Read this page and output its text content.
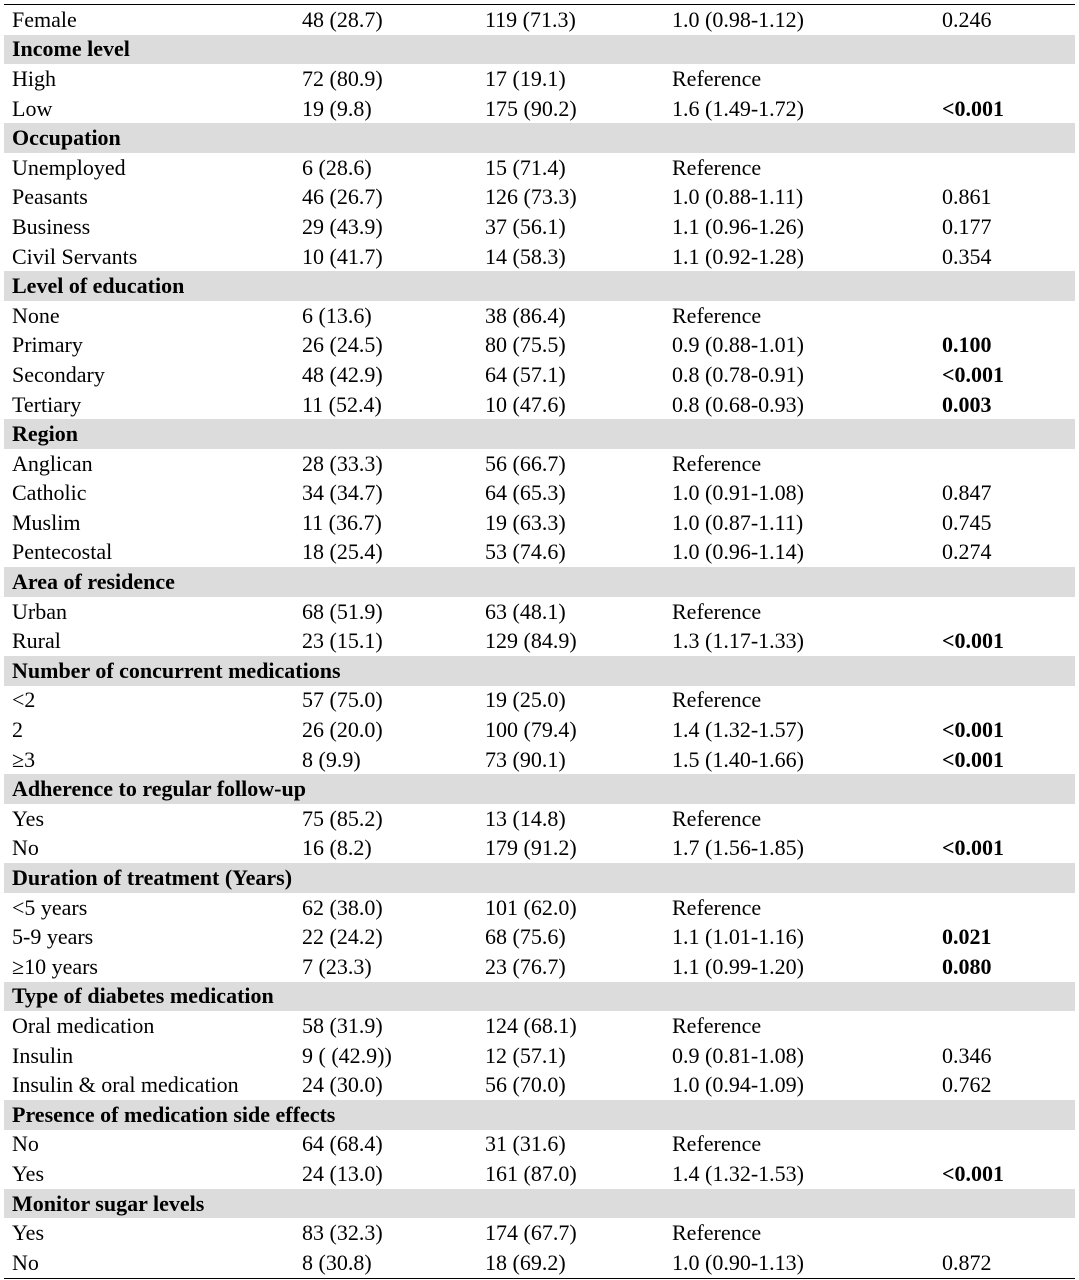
Female	48 (28.7)	119 (71.3)	1.0 (0.98-1.12)	0.246
Income level
High	72 (80.9)	17 (19.1)	Reference
Low	19 (9.8)	175 (90.2)	1.6 (1.49-1.72)	<0.001
Occupation
Unemployed	6 (28.6)	15 (71.4)	Reference
Peasants	46 (26.7)	126 (73.3)	1.0 (0.88-1.11)	0.861
Business	29 (43.9)	37 (56.1)	1.1 (0.96-1.26)	0.177
Civil Servants	10 (41.7)	14 (58.3)	1.1 (0.92-1.28)	0.354
Level of education
None	6 (13.6)	38 (86.4)	Reference
Primary	26 (24.5)	80 (75.5)	0.9 (0.88-1.01)	0.100
Secondary	48 (42.9)	64 (57.1)	0.8 (0.78-0.91)	<0.001
Tertiary	11 (52.4)	10 (47.6)	0.8 (0.68-0.93)	0.003
Region
Anglican	28 (33.3)	56 (66.7)	Reference
Catholic	34 (34.7)	64 (65.3)	1.0 (0.91-1.08)	0.847
Muslim	11 (36.7)	19 (63.3)	1.0 (0.87-1.11)	0.745
Pentecostal	18 (25.4)	53 (74.6)	1.0 (0.96-1.14)	0.274
Area of residence
Urban	68 (51.9)	63 (48.1)	Reference
Rural	23 (15.1)	129 (84.9)	1.3 (1.17-1.33)	<0.001
Number of concurrent medications
<2	57 (75.0)	19 (25.0)	Reference
2	26 (20.0)	100 (79.4)	1.4 (1.32-1.57)	<0.001
≥3	8 (9.9)	73 (90.1)	1.5 (1.40-1.66)	<0.001
Adherence to regular follow-up
Yes	75 (85.2)	13 (14.8)	Reference
No	16 (8.2)	179 (91.2)	1.7 (1.56-1.85)	<0.001
Duration of treatment (Years)
<5 years	62 (38.0)	101 (62.0)	Reference
5-9 years	22 (24.2)	68 (75.6)	1.1 (1.01-1.16)	0.021
≥10 years	7 (23.3)	23 (76.7)	1.1 (0.99-1.20)	0.080
Type of diabetes medication
Oral medication	58 (31.9)	124 (68.1)	Reference
Insulin	9 ( (42.9))	12 (57.1)	0.9 (0.81-1.08)	0.346
Insulin & oral medication	24 (30.0)	56 (70.0)	1.0 (0.94-1.09)	0.762
Presence of medication side effects
No	64 (68.4)	31 (31.6)	Reference
Yes	24 (13.0)	161 (87.0)	1.4 (1.32-1.53)	<0.001
Monitor sugar levels
Yes	83 (32.3)	174 (67.7)	Reference
No	8 (30.8)	18 (69.2)	1.0 (0.90-1.13)	0.872
